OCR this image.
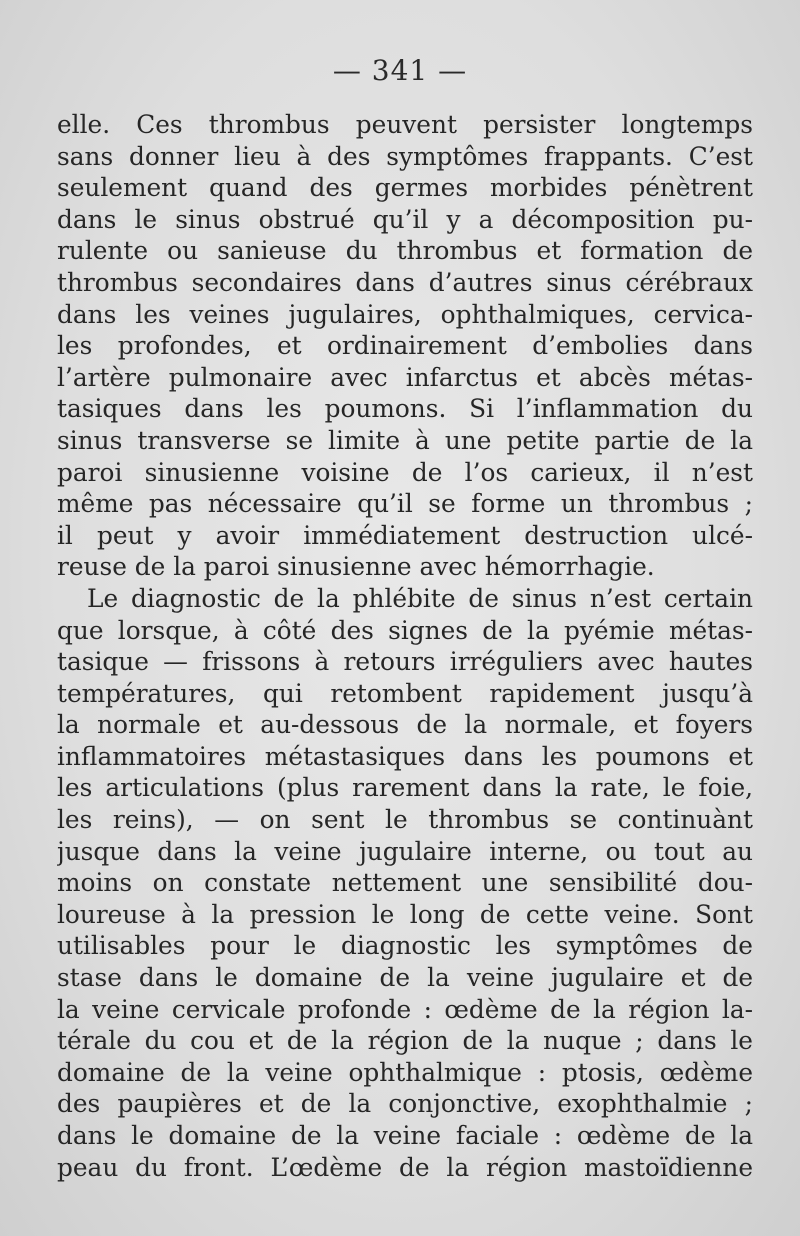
— 341 —
elle. Ces thrombus peuvent persister longtemps
sans donner lieu à des symptômes frappants. C’est
seulement quand des germes morbides pénètrent
dans le sinus obstrué qu’il y a décomposition pu-
rulente ou sanieuse du thrombus et formation de
thrombus secondaires dans d’autres sinus cérébraux
dans les veines jugulaires, ophthalmiques, cervica-
les profondes, et ordinairement d’embolies dans
l’artère pulmonaire avec infarctus et abcès métas-
tasiques dans les poumons. Si l’inflammation du
sinus transverse se limite à une petite partie de la
paroi sinusienne voisine de l’os carieux, il n’est
même pas nécessaire qu’il se forme un thrombus ;
il peut y avoir immédiatement destruction ulcé-
reuse de la paroi sinusienne avec hémorrhagie.
Le diagnostic de la phlébite de sinus n’est certain
que lorsque, à côté des signes de la pyémie métas-
tasique — frissons à retours irréguliers avec hautes
températures, qui retombent rapidement jusqu’à
la normale et au-dessous de la normale, et foyers
inflammatoires métastasiques dans les poumons et
les articulations (plus rarement dans la rate, le foie,
les reins), — on sent le thrombus se continuànt
jusque dans la veine jugulaire interne, ou tout au
moins on constate nettement une sensibilité dou-
loureuse à la pression le long de cette veine. Sont
utilisables pour le diagnostic les symptômes de
stase dans le domaine de la veine jugulaire et de
la veine cervicale profonde : œdème de la région la-
térale du cou et de la région de la nuque ; dans le
domaine de la veine ophthalmique : ptosis, œdème
des paupières et de la conjonctive, exophthalmie ;
dans le domaine de la veine faciale : œdème de la
peau du front. L’œdème de la région mastoïdienne
